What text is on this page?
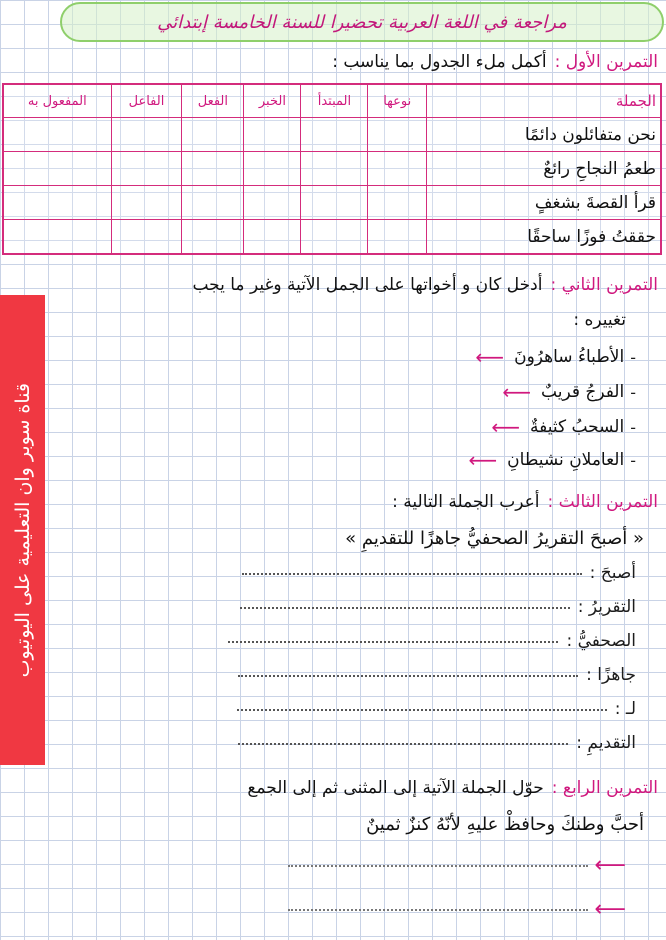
مراجعة في اللغة العربية تحضيرا للسنة الخامسة إبتدائي
التمرين الأول :
أكمل ملء الجدول بما يناسب :
الجملة	نوعها	المبتدأ	الخبر	الفعل	الفاعل	المفعول به
نحن متفائلون دائمًا						
طعمُ النجاحِ رائعٌ						
قرأ القصةَ بشغفٍ						
حققتُ فوزًا ساحقًا						
قناة سوبر وان التعليمية على اليوتيوب
التمرين الثاني :
أدخل كان و أخواتها على الجمل الآتية وغير ما يجب
تغييره :
-
الأطباءُ ساهرُونَ
⟵
-
الفرجُ قريبٌ
⟵
-
السحبُ كثيفةٌ
⟵
-
العاملانِ نشيطانِ
⟵
التمرين الثالث :
أعرب الجملة التالية :
« أصبحَ التقريرُ الصحفيُّ جاهزًا للتقديمِ »
أصبحَ :
التقريرُ :
الصحفيُّ :
جاهزًا :
لـ :
التقديمِ :
التمرين الرابع :
حوّل الجملة الآتية إلى المثنى ثم إلى الجمع
أحبَّ وطنكَ وحافظْ عليهِ لأنّهُ كنزٌ ثمينٌ
⟵
⟵
